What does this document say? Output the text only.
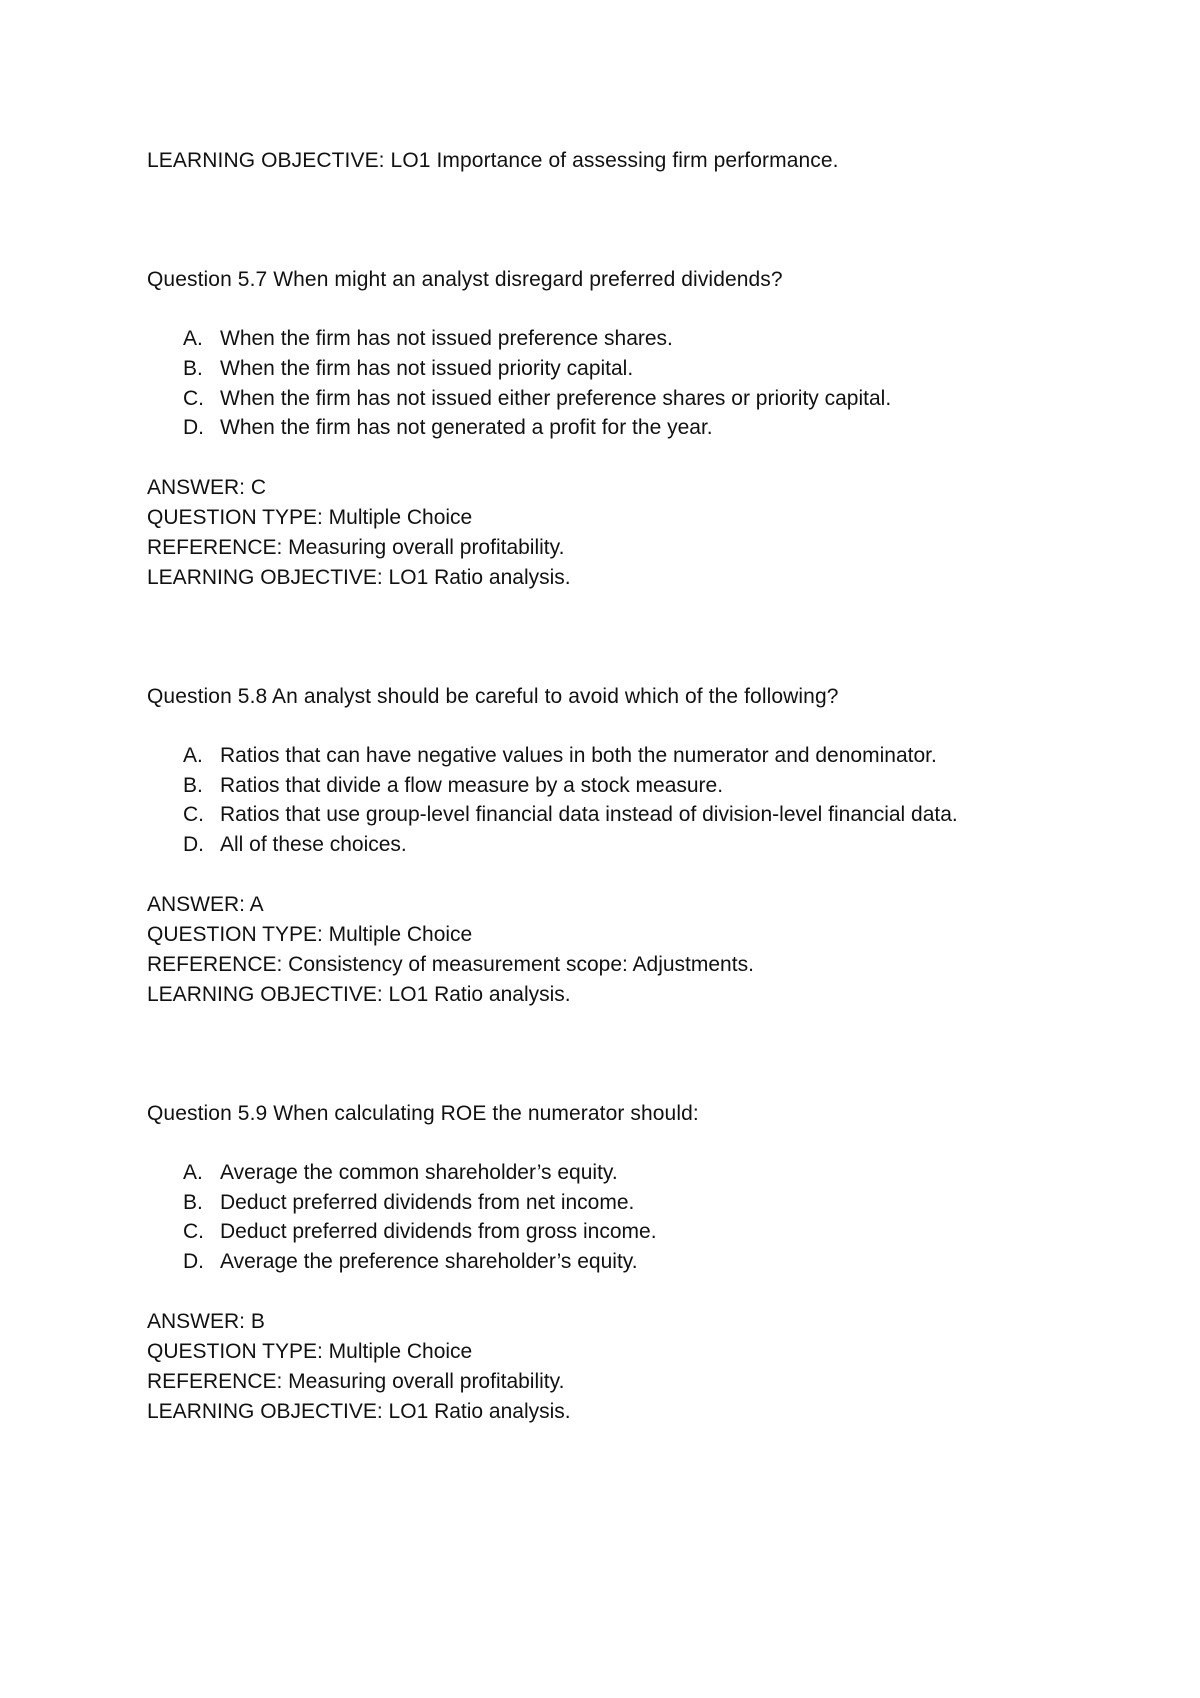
LEARNING OBJECTIVE: LO1 Importance of assessing firm performance.
Question 5.7 When might an analyst disregard preferred dividends?
A. When the firm has not issued preference shares.
B. When the firm has not issued priority capital.
C. When the firm has not issued either preference shares or priority capital.
D. When the firm has not generated a profit for the year.
ANSWER: C
QUESTION TYPE: Multiple Choice
REFERENCE: Measuring overall profitability.
LEARNING OBJECTIVE: LO1 Ratio analysis.
Question 5.8 An analyst should be careful to avoid which of the following?
A. Ratios that can have negative values in both the numerator and denominator.
B. Ratios that divide a flow measure by a stock measure.
C. Ratios that use group-level financial data instead of division-level financial data.
D. All of these choices.
ANSWER: A
QUESTION TYPE: Multiple Choice
REFERENCE: Consistency of measurement scope: Adjustments.
LEARNING OBJECTIVE: LO1 Ratio analysis.
Question 5.9 When calculating ROE the numerator should:
A. Average the common shareholder’s equity.
B. Deduct preferred dividends from net income.
C. Deduct preferred dividends from gross income.
D. Average the preference shareholder’s equity.
ANSWER: B
QUESTION TYPE: Multiple Choice
REFERENCE: Measuring overall profitability.
LEARNING OBJECTIVE: LO1 Ratio analysis.
